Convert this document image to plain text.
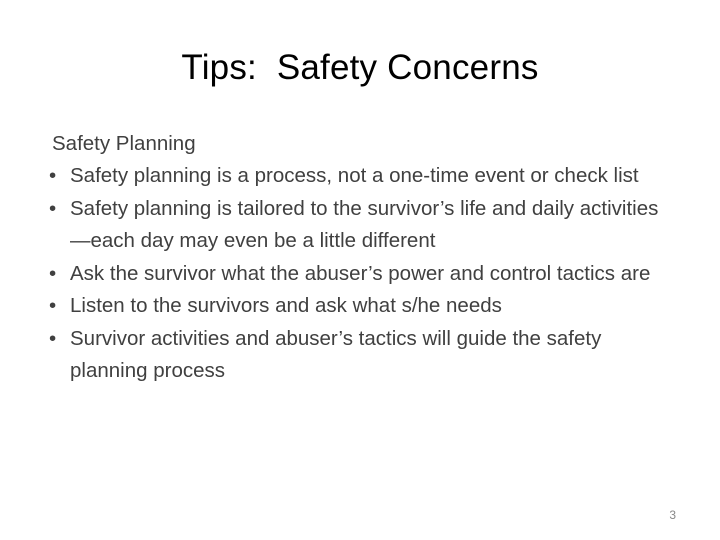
Tips:  Safety Concerns
Safety Planning
• Safety planning is a process, not a one-time event or check list
• Safety planning is tailored to the survivor’s life and daily activities—each day may even be a little different
• Ask the survivor what the abuser’s power and control tactics are
• Listen to the survivors and ask what s/he needs
• Survivor activities and abuser’s tactics will guide the safety planning process
3
